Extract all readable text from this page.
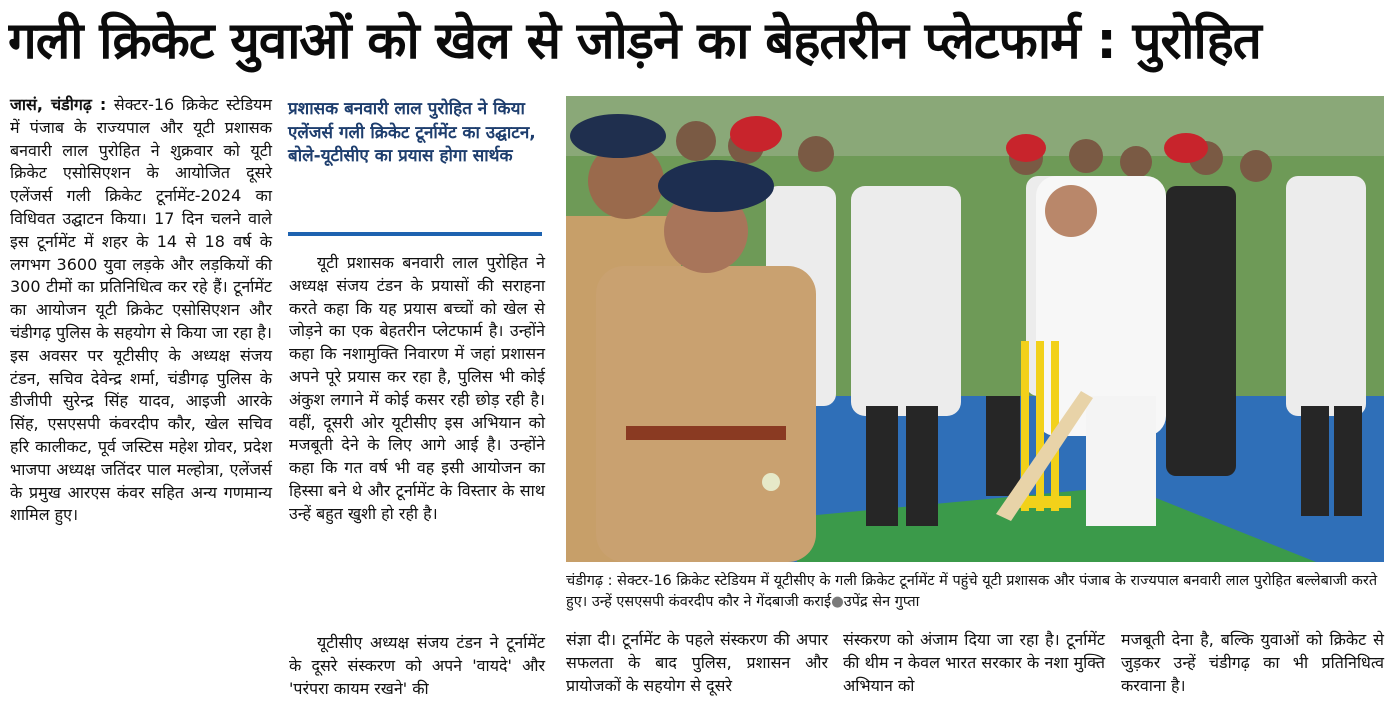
गली क्रिकेट युवाओं को खेल से जोड़ने का बेहतरीन प्लेटफार्म : पुरोहित
जासं, चंडीगढ़ : सेक्टर-16 क्रिकेट स्टेडियम में पंजाब के राज्यपाल और यूटी प्रशासक बनवारी लाल पुरोहित ने शुक्रवार को यूटी क्रिकेट एसोसिएशन के आयोजित दूसरे एलेंजर्स गली क्रिकेट टूर्नामेंट-2024 का विधिवत उद्घाटन किया। 17 दिन चलने वाले इस टूर्नामेंट में शहर के 14 से 18 वर्ष के लगभग 3600 युवा लड़के और लड़कियों की 300 टीमों का प्रतिनिधित्व कर रहे हैं। टूर्नामेंट का आयोजन यूटी क्रिकेट एसोसिएशन और चंडीगढ़ पुलिस के सहयोग से किया जा रहा है। इस अवसर पर यूटीसीए के अध्यक्ष संजय टंडन, सचिव देवेन्द्र शर्मा, चंडीगढ़ पुलिस के डीजीपी सुरेन्द्र सिंह यादव, आइजी आरके सिंह, एसएसपी कंवरदीप कौर, खेल सचिव हरि कालीकट, पूर्व जस्टिस महेश ग्रोवर, प्रदेश भाजपा अध्यक्ष जतिंदर पाल मल्होत्रा, एलेंजर्स के प्रमुख आरएस कंवर सहित अन्य गणमान्य शामिल हुए।
प्रशासक बनवारी लाल पुरोहित ने किया एलेंजर्स गली क्रिकेट टूर्नामेंट का उद्घाटन, बोले-यूटीसीए का प्रयास होगा सार्थक
यूटी प्रशासक बनवारी लाल पुरोहित ने अध्यक्ष संजय टंडन के प्रयासों की सराहना करते कहा कि यह प्रयास बच्चों को खेल से जोड़ने का एक बेहतरीन प्लेटफार्म है। उन्होंने कहा कि नशामुक्ति निवारण में जहां प्रशासन अपने पूरे प्रयास कर रहा है, पुलिस भी कोई अंकुश लगाने में कोई कसर रही छोड़ रही है। वहीं, दूसरी ओर यूटीसीए इस अभियान को मजबूती देने के लिए आगे आई है। उन्होंने कहा कि गत वर्ष भी वह इसी आयोजन का हिस्सा बने थे और टूर्नामेंट के विस्तार के साथ उन्हें बहुत खुशी हो रही है।
यूटीसीए अध्यक्ष संजय टंडन ने टूर्नामेंट के दूसरे संस्करण को अपने 'वायदे' और 'परंपरा कायम रखने' की
चंडीगढ़ : सेक्टर-16 क्रिकेट स्टेडियम में यूटीसीए के गली क्रिकेट टूर्नामेंट में पहुंचे यूटी प्रशासक और पंजाब के राज्यपाल बनवारी लाल पुरोहित बल्लेबाजी करते हुए। उन्हें एसएसपी कंवरदीप कौर ने गेंदबाजी कराई●उपेंद्र सेन गुप्ता
संज्ञा दी। टूर्नामेंट के पहले संस्करण की अपार सफलता के बाद पुलिस, प्रशासन और प्रायोजकों के सहयोग से दूसरे
संस्करण को अंजाम दिया जा रहा है। टूर्नामेंट की थीम न केवल भारत सरकार के नशा मुक्ति अभियान को
मजबूती देना है, बल्कि युवाओं को क्रिकेट से जुड़कर उन्हें चंडीगढ़ का भी प्रतिनिधित्व करवाना है।
